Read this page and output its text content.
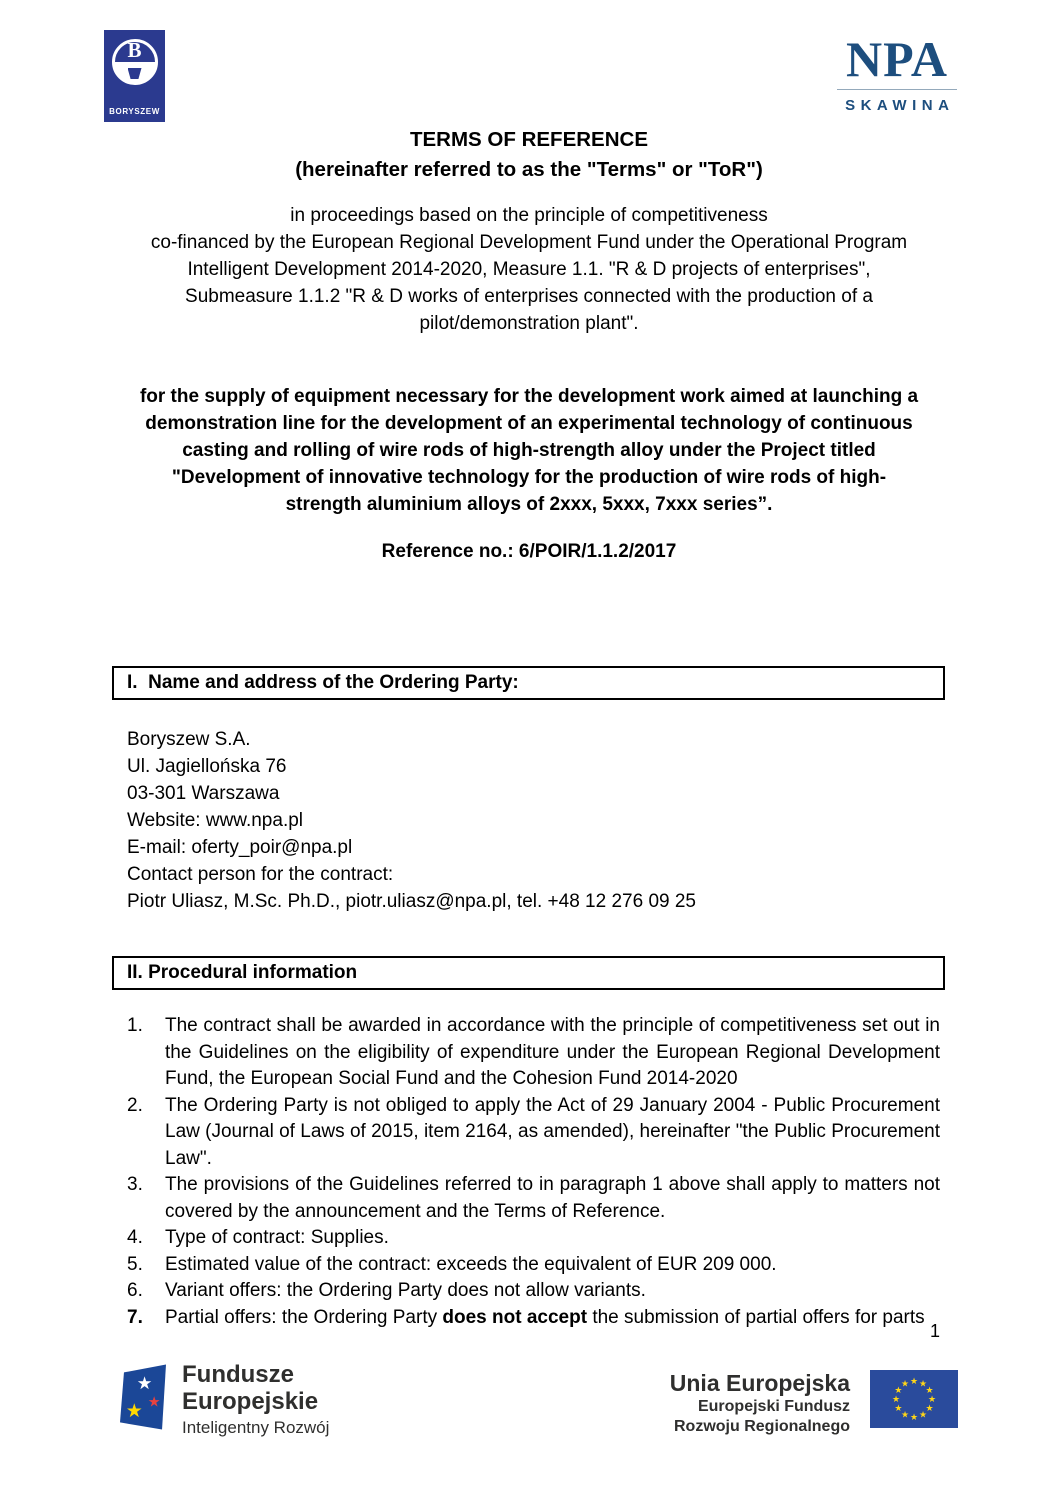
B
BORYSZEW
NPA
SKAWINA
TERMS OF REFERENCE
(hereinafter referred to as the "Terms" or "ToR")
in proceedings based on the principle of competitiveness
co-financed by the European Regional Development Fund under the Operational Program
Intelligent Development 2014-2020, Measure 1.1. "R & D projects of enterprises",
Submeasure 1.1.2 "R & D works of enterprises connected with the production of a
pilot/demonstration plant".
for the supply of equipment necessary for the development work aimed at launching a
demonstration line for the development of an experimental technology of continuous
casting and rolling of wire rods of high-strength alloy under the Project titled
"Development of innovative technology for the production of wire rods of high-
strength aluminium alloys of 2xxx, 5xxx, 7xxx series”.
Reference no.: 6/POIR/1.1.2/2017
I.  Name and address of the Ordering Party:
Boryszew S.A.
Ul. Jagiellońska 76
03-301 Warszawa
Website: www.npa.pl
E-mail: oferty_poir@npa.pl
Contact person for the contract:
Piotr Uliasz, M.Sc. Ph.D., piotr.uliasz@npa.pl, tel. +48 12 276 09 25
II. Procedural information
1.	The contract shall be awarded in accordance with the principle of competitiveness set out in the Guidelines on the eligibility of expenditure under the European Regional Development Fund, the European Social Fund and the Cohesion Fund 2014-2020
2.	The Ordering Party is not obliged to apply the Act of 29 January 2004 - Public Procurement Law (Journal of Laws of 2015, item 2164, as amended), hereinafter "the Public Procurement Law".
3.	The provisions of the Guidelines referred to in paragraph 1 above shall apply to matters not covered by the announcement and the Terms of Reference.
4.	Type of contract: Supplies.
5.	Estimated value of the contract: exceeds the equivalent of EUR 209 000.
6.	Variant offers: the Ordering Party does not allow variants.
7.	Partial offers: the Ordering Party does not accept the submission of partial offers for parts
1
★
★
★
Fundusze
Europejskie
Inteligentny Rozwój
Unia Europejska
Europejski Fundusz
Rozwoju Regionalnego
★ ★
★
★
★
★
★
★
★
★
★
★
